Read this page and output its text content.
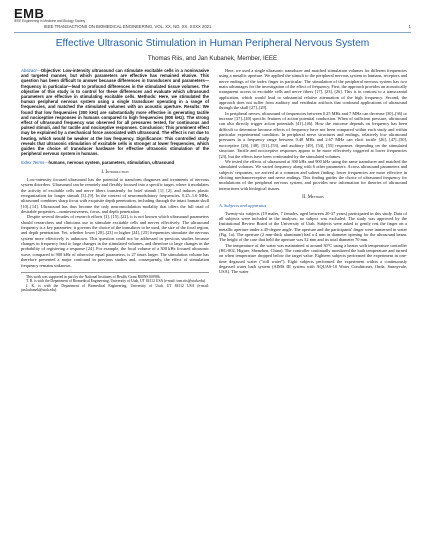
EMB
IEEE Engineering in Medicine and Biology Society
IEEE TRANSACTIONS ON BIOMEDICAL ENGINEERING, VOL. XX, NO. XX, XXXX 2021	1
Effective Ultrasonic Stimulation in Human Peripheral Nervous System
Thomas Riis, and Jan Kubanek, Member, IEEE
Abstract—Objective: Low-intensity ultrasound can stimulate excitable cells in a noninvasive and targeted manner, but which parameters are effective has remained elusive. This question has been difficult to answer because differences in transducers and parameters—frequency in particular—lead to profound differences in the stimulated tissue volumes. The objective of this study is to control for these differences and evaluate which ultrasound parameters are effective in stimulating excitable cells. Methods: Here, we stimulated the human peripheral nervous system using a single transducer operating in a range of frequencies, and matched the stimulated volumes with an acoustic aperture. Results: We found that low frequencies (300 kHz) are substantially more effective in generating tactile and nociceptive responses in humans compared to high frequencies (900 kHz). The strong effect of ultrasound frequency was observed for all pressures tested, for continuous and pulsed stimuli, and for tactile and nociceptive responses. Conclusion: This prominent effect may be explained by a mechanical force associated with ultrasound. The effect is not due to heating, which would be weaker at the low frequency. Significance: This controlled study reveals that ultrasonic stimulation of excitable cells is stronger at lower frequencies, which guides the choice of transducer hardware for effective ultrasonic stimulation of the peripheral nervous system in humans.
Index Terms—humans, nervous system, parameters, stimulation, ultrasound
I. Introduction

Low-intensity focused ultrasound has the potential to transform diagnoses and treatments of nervous system disorders. Ultrasound can be remotely and flexibly focused into a specific target, where it modulates the activity of excitable cells and nerve fibers transiently for brief stimuli [1], [2], and induces plastic reorganization for longer stimuli [3]–[9]. In the context of neuromodulatory frequencies, 0.25–1.0 MHz, ultrasound combines sharp focus with exquisite depth penetration, including through the intact human skull [10]–[14]. Ultrasound has thus become the only neuromodulation modality that offers the full triad of desirable properties—noninvasiveness, focus, and depth penetration.

Despite several decades of research efforts [3], [15]–[22], it is not known which ultrasound parameters should researchers and clinicians use to stimulate excitable cells and nerves effectively. The ultrasound frequency is a key parameter; it governs the choice of the transducer to be used, the size of the focal region, and depth penetration. Yet, whether lower [20]–[23] or higher [24], [25] frequencies stimulate the nervous system more effectively is unknown. This question could not be addressed in previous studies because changes in frequency lead to large changes in the stimulated volumes, and therefore to large changes in the probability of registering a response [24]. For example, the focal volume of a 300 kHz focused ultrasonic wave, compared to 900 kHz of otherwise equal parameters, is 27 times larger. The stimulation volume has therefore presented a major confound in previous studies and, consequently, the effect of stimulation frequency remains unknown.

This work was supported in part by the National Institutes of Health, Grant R00NS100986.

T. R. is with the Department of Biomedical Engineering, University of Utah, UT 84112 USA (e-mail: tom.riis@utah.edu).

J. K. is with the Department of Biomedical Engineering, University of Utah, UT 84112 USA (e-mail: jan.kubanek@utah.edu).

Here, we used a single ultrasonic transducer and matched stimulation volumes for different frequencies using a metallic aperture. We applied the stimuli to the peripheral nervous system in humans, receptors and nerve endings of the index finger in particular. The stimulation of the peripheral nervous system has two main advantages for the investigation of the effect of frequency. First, the approach provides an acoustically transparent access to excitable cells and nerve fibers [17], [23], [26]. This is in contrast to a transcranial application, which would lead to substantial relative attenuation of the high frequency. Second, the approach does not suffer from auditory and vestibular artifacts that confound applications of ultrasound through the skull [27]–[29].

In peripheral nerves, ultrasound of frequencies between 0.25 MHz and 7 MHz can decrease [30]–[36] or increase [37]–[40] specific features of action potential conduction. When of sufficient pressure, ultrasound can also directly trigger action potentials [41]–[46]. How the outcome depends on frequency has been difficult to determine because effects of frequency have not been compared within each study and within particular experimental condition. In peripheral nerve structures and endings, relatively low ultrasound pressures in a frequency range between 0.48 MHz and 2.67 MHz can elicit tactile [26], [47]–[50], nociceptive [26], [48], [51]–[53], and auditory [49], [54], [55] responses, depending on the stimulated structure. Tactile and nociceptive responses appear to be more effectively triggered at lower frequencies [23], but the effects have been confounded by the stimulated volumes.

We tested the effects of ultrasound at 300 kHz and 900 kHz using the same transducer and matched the stimulated volumes. We varied frequency along with 6 other parameters. Across ultrasound parameters and subjects' responses, we arrived at a common and salient finding: lower frequencies are more effective in eliciting mechanoreceptive and nerve endings. This finding guides the choice of ultrasound frequency for modulations of the peripheral nervous system, and provides new information for theories of ultrasound interactions with biological tissues.

II. Methods
A. Subjects and apparatus

Twenty-six subjects (19 males, 7 females, aged between 20-37 years) participated in this study. Data of all subjects were included in the analyses; no subject was excluded. The study was approved by the Institutional Review Board of the University of Utah. Subjects were asked to gently rest the finger on a metallic aperture under a 45-degree angle. The aperture and the participants' finger were immersed in water (Fig. 1a). The aperture (2 mm-thick aluminum) had a 4 mm in diameter opening for the ultrasound beam. The height of the case that held the aperture was 52 mm and its total diameter 70 mm.

The temperature of the water was maintained at around 30°C using a heater with temperature controller (HG-802, Higuer, Shenzhen, China). The controller continually monitored the bath temperature and turned on when temperature dropped below the target value. Eighteen subjects performed the experiment in one-time degassed water ("still water"). Eight subjects performed the experiment within a continuously degassed water bath system (AIMS III system with AQUAS-10 Water Conditioner, Onda, Sunnyvale, USA). The water
